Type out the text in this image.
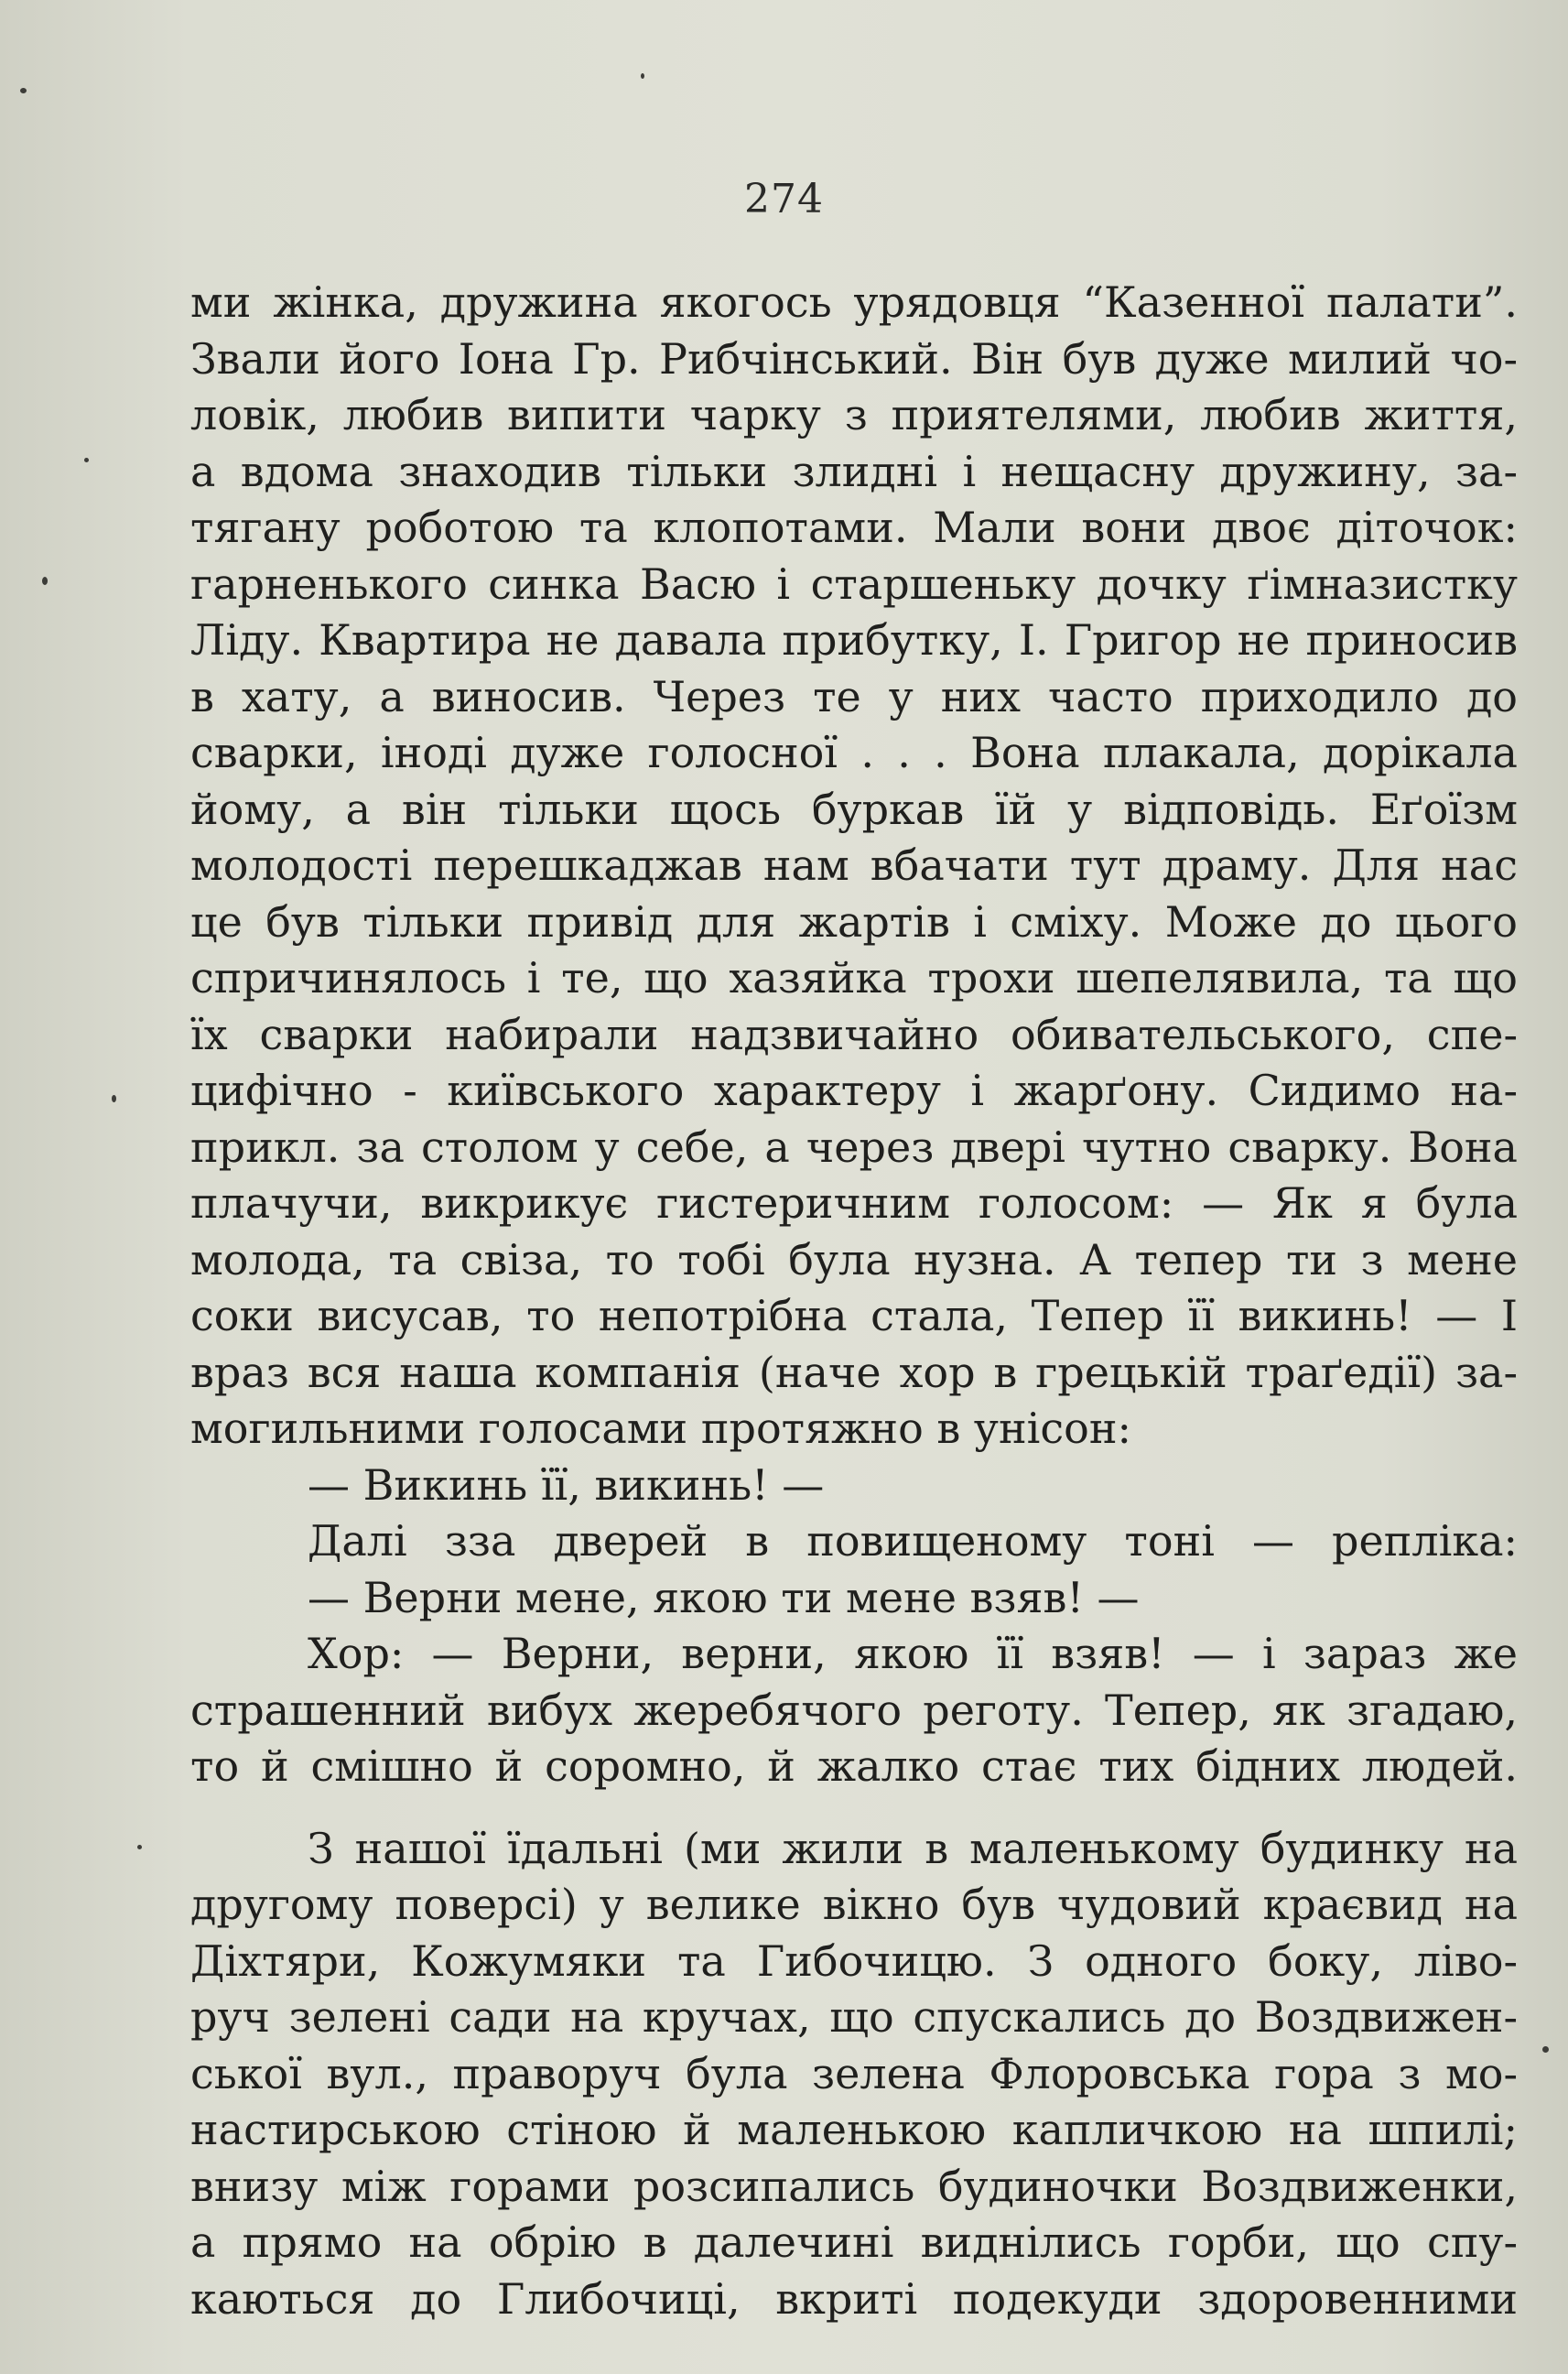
274
ми жінка, дружина якогось урядовця “Казенної палати”.
Звали його Іона Гр. Рибчінський. Він був дуже милий чо-
ловік, любив випити чарку з приятелями, любив життя,
а вдома знаходив тільки злидні і нещасну дружину, за-
тягану роботою та клопотами. Мали вони двоє діточок:
гарненького синка Васю і старшеньку дочку ґімназистку
Ліду. Квартира не давала прибутку, І. Григор не приносив
в хату, а виносив. Через те у них часто приходило до
сварки, іноді дуже голосної . . . Вона плакала, дорікала
йому, а він тільки щось буркав їй у відповідь. Еґоїзм
молодості перешкаджав нам вбачати тут драму. Для нас
це був тільки привід для жартів і сміху. Може до цього
спричинялось і те, що хазяйка трохи шепелявила, та що
їх сварки набирали надзвичайно обивательського, спе-
цифічно - київського характеру і жарґону. Сидимо на-
прикл. за столом у себе, а через двері чутно сварку. Вона
плачучи, викрикує гистеричним голосом: — Як я була
молода, та свіза, то тобі була нузна. А тепер ти з мене
соки висусав, то непотрібна стала, Тепер її викинь! — І
враз вся наша компанія (наче хор в грецькій траґедії) за-
могильними голосами протяжно в унісон:
— Викинь її, викинь! —
Далі зза дверей в повищеному тоні — репліка:
— Верни мене, якою ти мене взяв! —
Хор: — Верни, верни, якою її взяв! — і зараз же
страшенний вибух жеребячого реготу. Тепер, як згадаю,
то й смішно й соромно, й жалко стає тих бідних людей.
З нашої їдальні (ми жили в маленькому будинку на
другому поверсі) у велике вікно був чудовий краєвид на
Діхтяри, Кожумяки та Гибочицю. З одного боку, ліво-
руч зелені сади на кручах, що спускались до Воздвижен-
ської вул., праворуч була зелена Флоровська гора з мо-
настирською стіною й маленькою капличкою на шпилі;
внизу між горами розсипались будиночки Воздвиженки,
а прямо на обрію в далечині виднілись горби, що спу-
каються до Глибочиці, вкриті подекуди здоровенними
